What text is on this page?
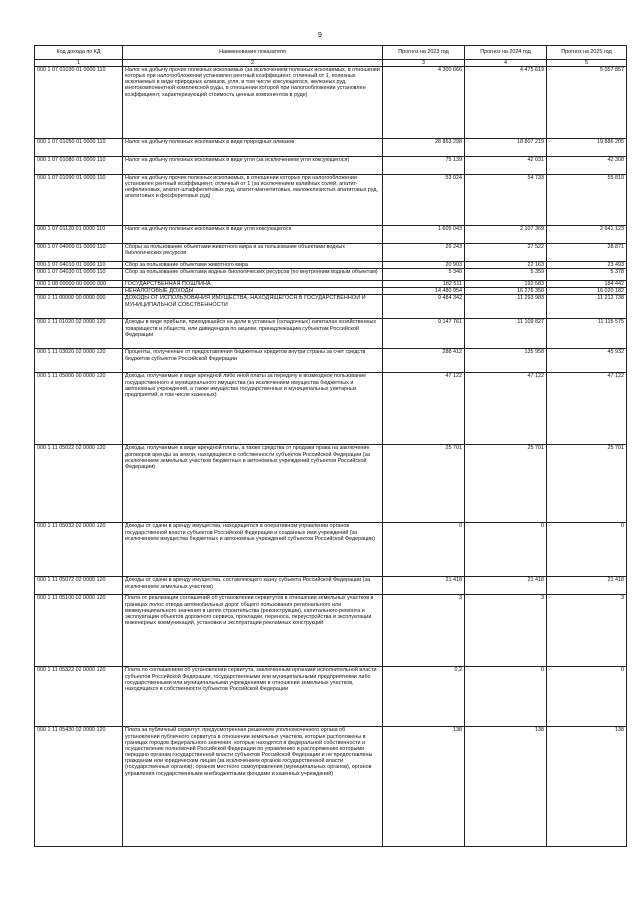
9
Код дохода по КД	Наименование показателя	Прогноз на 2023 год	Прогноз на 2024 год	Прогноз на 2025 год
1	2	3	4	5
000 1 07 01030 01 0000 110	Налог на добычу прочих полезных ископаемых (за исключением полезных ископаемых, в отношении которых при налогообложении установлен рентный коэффициент, отличный от 1, полезных ископаемых в виде природных алмазов, угля, в том числе коксующегося, железных руд, многокомпонентной комплексной руды, в отношении которой при налогообложении установлен коэффициент, характеризующий стоимость ценных компонентов в руде)	4 300 666	4 475 619	5 057 857
000 1 07 01050 01 0000 110	Налог на добычу полезных ископаемых в виде природных алмазов	28 863 298	18 807 219	19 886 205
000 1 07 01080 01 0000 110	Налог на добычу полезных ископаемых в виде угля (за исключением угля коксующегося)	75 139	42 031	42 308
000 1 07 01090 01 0000 110	Налог на добычу прочих полезных ископаемых, в отношении которых при налогообложении установлен рентный коэффициент, отличный от 1 (за исключением калийных солей, апатит-нефелиновых, апатит-штаффелитовых руд, апатит-магнетитовых, маложелезистых апатитовых руд, апатитовых и фосфоритовых руд)	53 024	54 733	55 810
000 1 07 01120 01 0000 110	Налог на добычу полезных ископаемых в виде угля коксующегося	1 605 043	2 107 369	2 641 123
000 1 07 04000 01 0000 110	Сборы за пользование объектами животного мира и за пользование объектами водных биологических ресурсов	26 243	27 522	28 871
000 1 07 04010 01 0000 110	Сбор за пользование объектами животного мира	20 903	22 163	23 493
000 1 07 04030 01 0000 110	Сбор за пользование объектами водных биологических ресурсов (по внутренним водным объектам)	5 340	5 359	5 378
000 1 08 00000 00 0000 000	ГОСУДАРСТВЕННАЯ ПОШЛИНА	182 511	192 583	184 442
	НЕНАЛОГОВЫЕ ДОХОДЫ	14 480 954	16 276 350	16 020 182
000 1 11 00000 00 0000 000	ДОХОДЫ ОТ ИСПОЛЬЗОВАНИЯ ИМУЩЕСТВА, НАХОДЯЩЕГОСЯ В ГОСУДАРСТВЕННОЙ И МУНИЦИПАЛЬНОЙ СОБСТВЕННОСТИ	9 484 342	11 293 983	11 212 738
000 1 11 01020 02 0000 120	Доходы в виде прибыли, приходящейся на доли в уставных (складочных) капиталах хозяйственных товариществ и обществ, или дивидендов по акциям, принадлежащим субъектам Российской Федерации	9 147 761	11 109 827	11 115 575
000 1 11 03020 02 0000 120	Проценты, полученные от предоставления бюджетных кредитов внутри страны за счет средств бюджетов субъектов Российской Федерации	288 412	135 958	45 932
000 1 11 05000 00 0000 120	Доходы, получаемые в виде арендной либо иной платы за передачу в возмездное пользование государственного и муниципального имущества (за исключением имущества бюджетных и автономных учреждений, а также имущества государственных и муниципальных унитарных предприятий, в том числе казенных)	47 122	47 122	47 122
000 1 11 05022 02 0000 120	Доходы, получаемые в виде арендной платы, а также средства от продажи права на заключение договоров аренды за земли, находящиеся в собственности субъектов Российской Федерации (за исключением земельных участков бюджетных и автономных учреждений субъектов Российской Федерации)	25 701	25 701	25 701
000 1 11 05032 02 0000 120	Доходы от сдачи в аренду имущества, находящегося в оперативном управлении органов государственной власти субъектов Российской Федерации и созданных ими учреждений (за исключением имущества бюджетных и автономных учреждений субъектов Российской Федерации)	0	0	0
000 1 11 05072 02 0000 120	Доходы от сдачи в аренду имущества, составляющего казну субъекта Российской Федерации (за исключением земельных участков)	21 418	21 418	21 418
000 1 11 05100 02 0000 120	Плата от реализации соглашений об установлении сервитутов в отношении земельных участков в границах полос отвода автомобильных дорог общего пользования регионального или межмуниципального значения в целях строительства (реконструкции), капитального ремонта и эксплуатации объектов дорожного сервиса, прокладки, переноса, переустройства и эксплуатации инженерных коммуникаций, установки и эксплуатации рекламных конструкций	3	3	3
000 1 11 05322 02 0000 120	Плата по соглашениям об установлении сервитута, заключенным органами исполнительной власти субъектов Российской Федерации, государственными или муниципальными предприятиями либо государственными или муниципальными учреждениями в отношении земельных участков, находящихся в собственности субъектов Российской Федерации	0,2	0	0
000 1 11 05430 02 0000 120	Плата за публичный сервитут, предусмотренная решением уполномоченного органа об установлении публичного сервитута в отношении земельных участков, которые расположены в границах городов федерального значения, которые находятся в федеральной собственности и осуществление полномочий Российской Федерации по управлению и распоряжению которыми передано органам государственной власти субъектов Российской Федерации и не предоставлены гражданам или юридическим лицам (за исключением органов государственной власти (государственных органов), органов местного самоуправления (муниципальных органов), органов управления государственными внебюджетными фондами и казенных учреждений)	138	138	138
